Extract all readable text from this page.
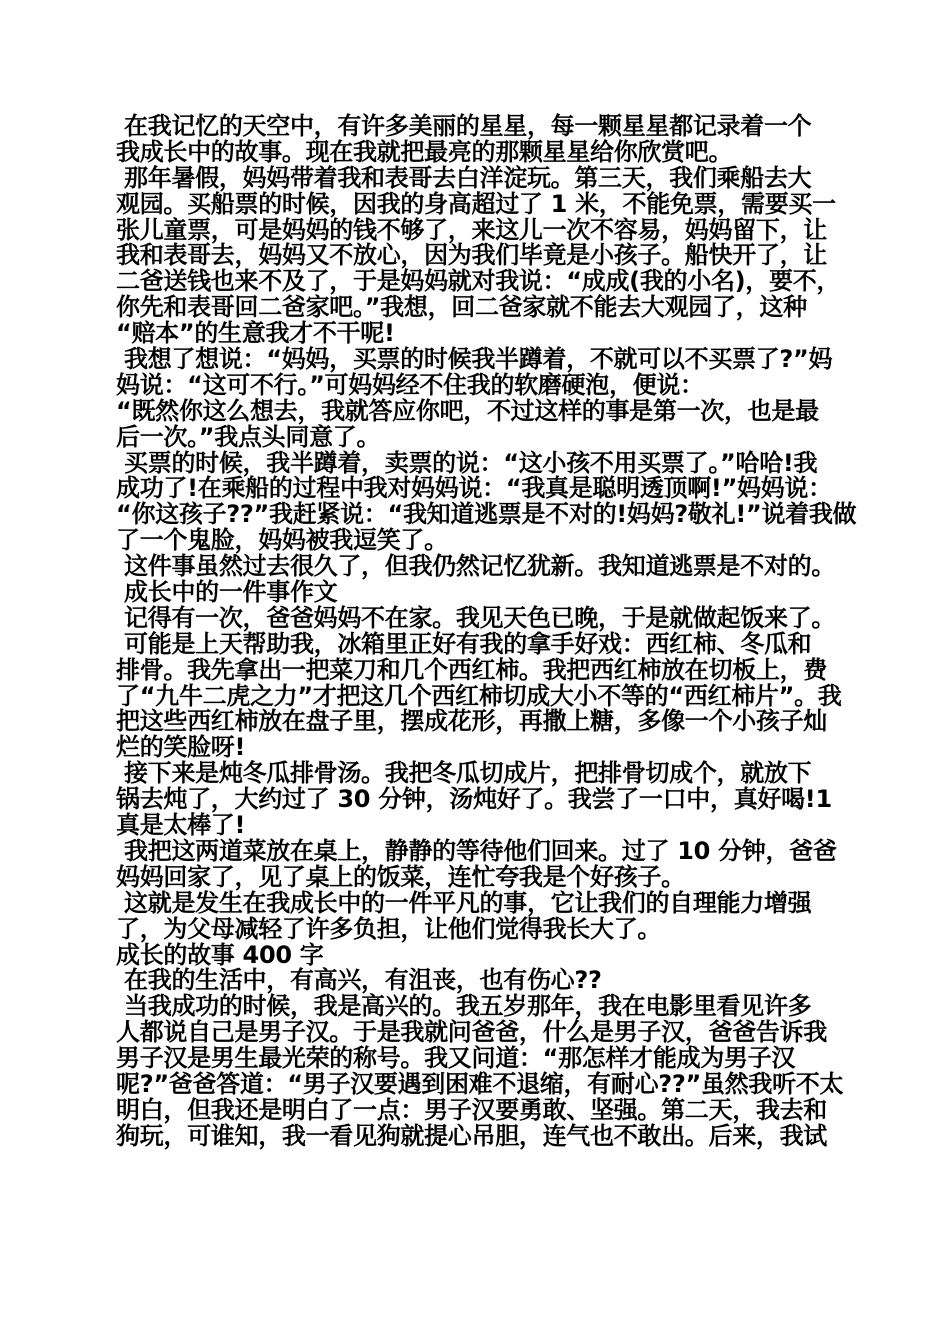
在我记忆的天空中，有许多美丽的星星，每一颗星星都记录着一个
我成长中的故事。现在我就把最亮的那颗星星给你欣赏吧。
那年暑假，妈妈带着我和表哥去白洋淀玩。第三天，我们乘船去大
观园。买船票的时候，因我的身高超过了 1 米，不能免票，需要买一
张儿童票，可是妈妈的钱不够了，来这儿一次不容易，妈妈留下，让
我和表哥去，妈妈又不放心，因为我们毕竟是小孩子。船快开了，让
二爸送钱也来不及了，于是妈妈就对我说：“成成(我的小名)，要不，
你先和表哥回二爸家吧。”我想，回二爸家就不能去大观园了，这种
“赔本”的生意我才不干呢!
我想了想说：“妈妈，买票的时候我半蹲着，不就可以不买票了?”妈
妈说：“这可不行。”可妈妈经不住我的软磨硬泡，便说：
“既然你这么想去，我就答应你吧，不过这样的事是第一次，也是最
后一次。”我点头同意了。
买票的时候，我半蹲着，卖票的说：“这小孩不用买票了。”哈哈!我
成功了!在乘船的过程中我对妈妈说：“我真是聪明透顶啊!”妈妈说：
“你这孩子??”我赶紧说：“我知道逃票是不对的!妈妈?敬礼!”说着我做
了一个鬼脸，妈妈被我逗笑了。
这件事虽然过去很久了，但我仍然记忆犹新。我知道逃票是不对的。
成长中的一件事作文
记得有一次，爸爸妈妈不在家。我见天色已晚，于是就做起饭来了。
可能是上天帮助我，冰箱里正好有我的拿手好戏：西红柿、冬瓜和
排骨。我先拿出一把菜刀和几个西红柿。我把西红柿放在切板上，费
了“九牛二虎之力”才把这几个西红柿切成大小不等的“西红柿片”。我
把这些西红柿放在盘子里，摆成花形，再撒上糖，多像一个小孩子灿
烂的笑脸呀!
接下来是炖冬瓜排骨汤。我把冬瓜切成片，把排骨切成个，就放下
锅去炖了，大约过了 30 分钟，汤炖好了。我尝了一口中，真好喝!1
真是太棒了!
我把这两道菜放在桌上，静静的等待他们回来。过了 10 分钟，爸爸
妈妈回家了，见了桌上的饭菜，连忙夸我是个好孩子。
这就是发生在我成长中的一件平凡的事，它让我们的自理能力增强
了，为父母减轻了许多负担，让他们觉得我长大了。
成长的故事 400 字
在我的生活中，有高兴，有沮丧，也有伤心??
当我成功的时候，我是高兴的。我五岁那年，我在电影里看见许多
人都说自己是男子汉。于是我就问爸爸，什么是男子汉，爸爸告诉我
男子汉是男生最光荣的称号。我又问道：“那怎样才能成为男子汉
呢?”爸爸答道：“男子汉要遇到困难不退缩，有耐心??”虽然我听不太
明白，但我还是明白了一点：男子汉要勇敢、坚强。第二天，我去和
狗玩，可谁知，我一看见狗就提心吊胆，连气也不敢出。后来，我试
